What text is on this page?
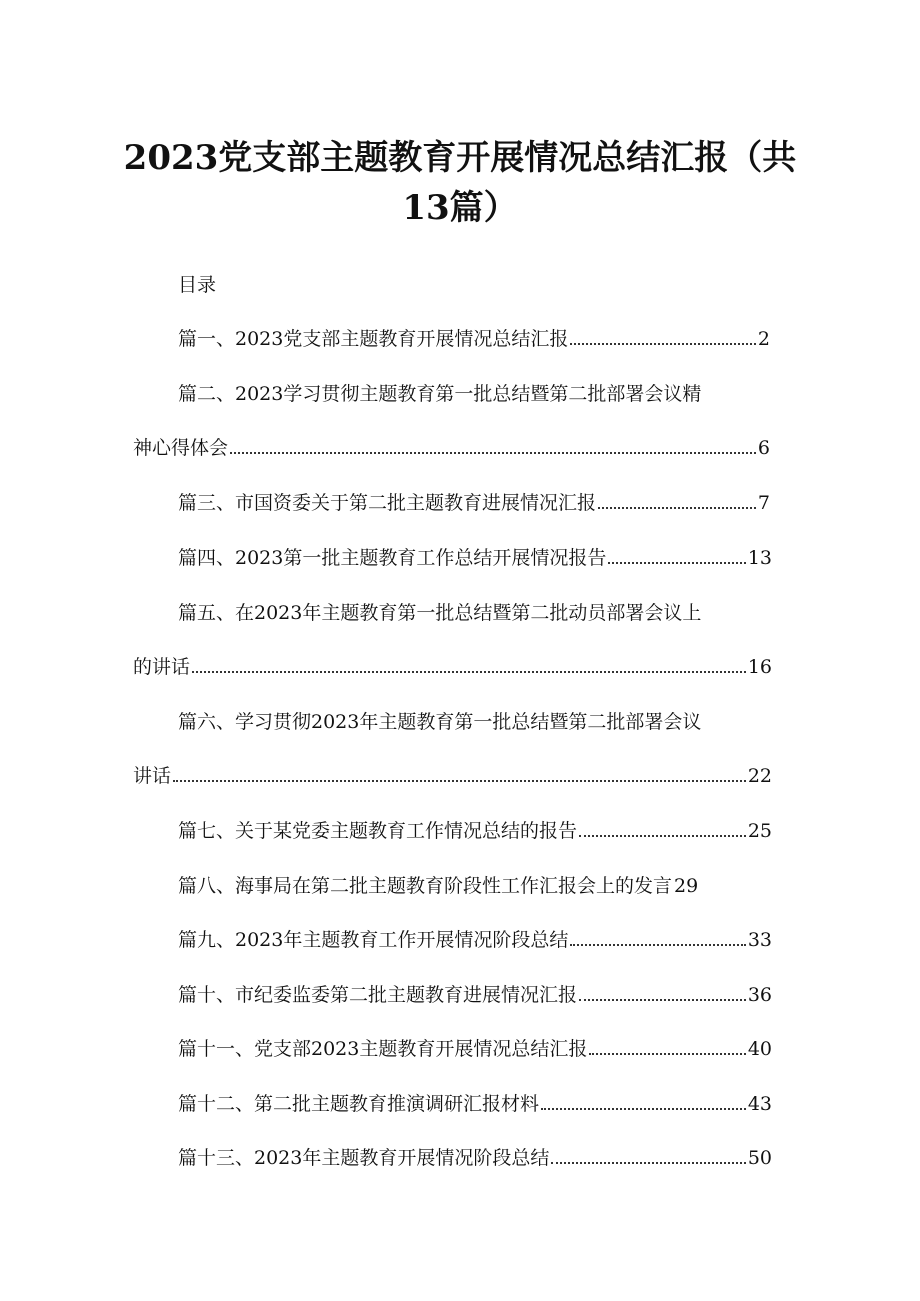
2023党支部主题教育开展情况总结汇报（共
13篇）
目录
篇一、2023党支部主题教育开展情况总结汇报	2
篇二、2023学习贯彻主题教育第一批总结暨第二批部署会议精
神心得体会	6
篇三、市国资委关于第二批主题教育进展情况汇报	7
篇四、2023第一批主题教育工作总结开展情况报告	13
篇五、在2023年主题教育第一批总结暨第二批动员部署会议上
的讲话	16
篇六、学习贯彻2023年主题教育第一批总结暨第二批部署会议
讲话	22
篇七、关于某党委主题教育工作情况总结的报告	25
篇八、海事局在第二批主题教育阶段性工作汇报会上的发言 29
篇九、2023年主题教育工作开展情况阶段总结	33
篇十、市纪委监委第二批主题教育进展情况汇报	36
篇十一、党支部2023主题教育开展情况总结汇报	40
篇十二、第二批主题教育推演调研汇报材料	43
篇十三、2023年主题教育开展情况阶段总结	50
